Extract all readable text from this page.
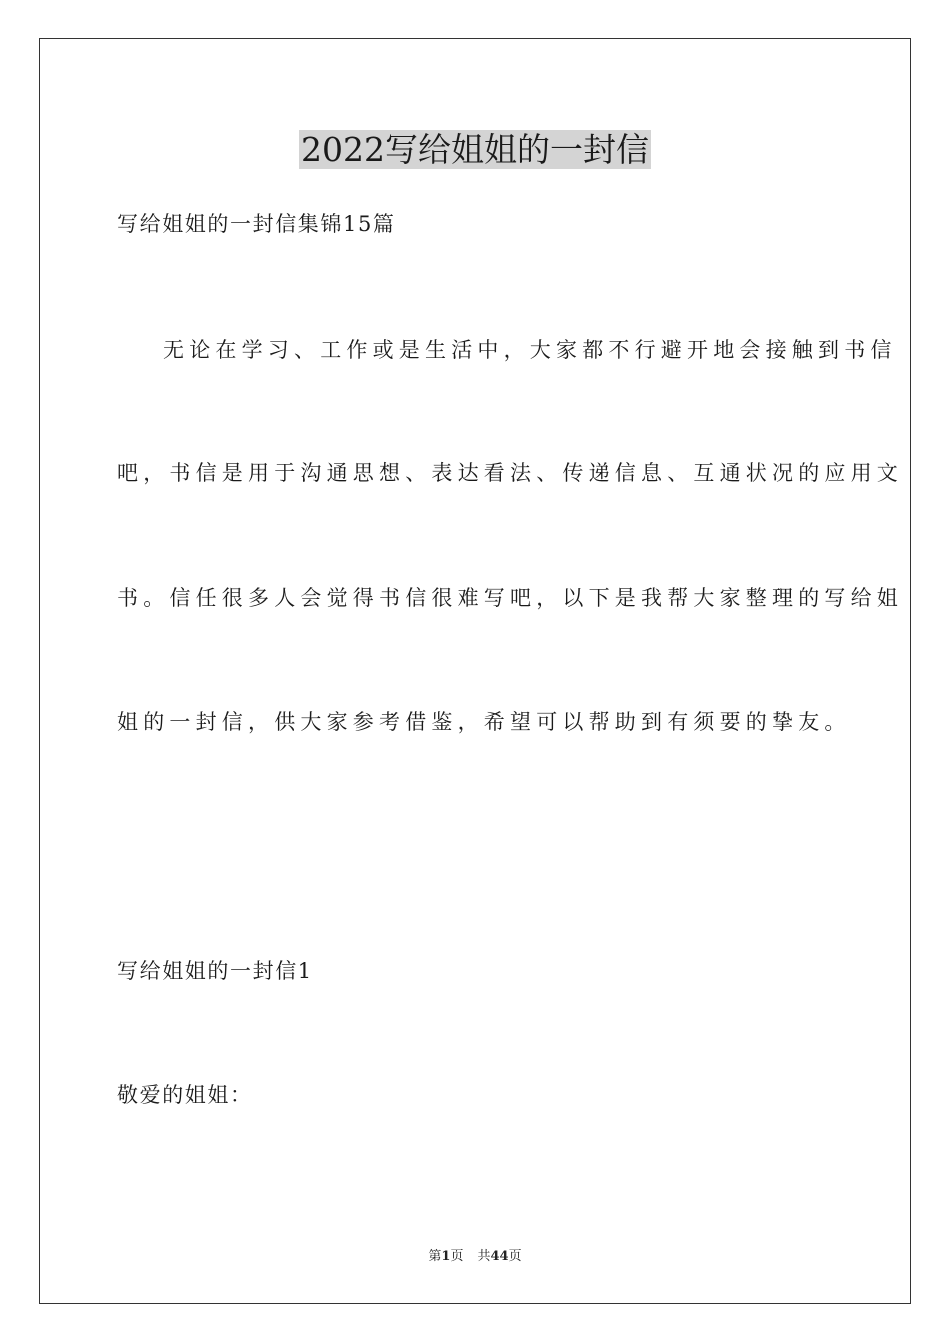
2022写给姐姐的一封信

写给姐姐的一封信集锦15篇

无论在学习、工作或是生活中，大家都不行避开地会接触到书信

吧，书信是用于沟通思想、表达看法、传递信息、互通状况的应用文

书。信任很多人会觉得书信很难写吧，以下是我帮大家整理的写给姐

姐的一封信，供大家参考借鉴，希望可以帮助到有须要的挚友。

写给姐姐的一封信1

敬爱的姐姐：

第1页 共44页
